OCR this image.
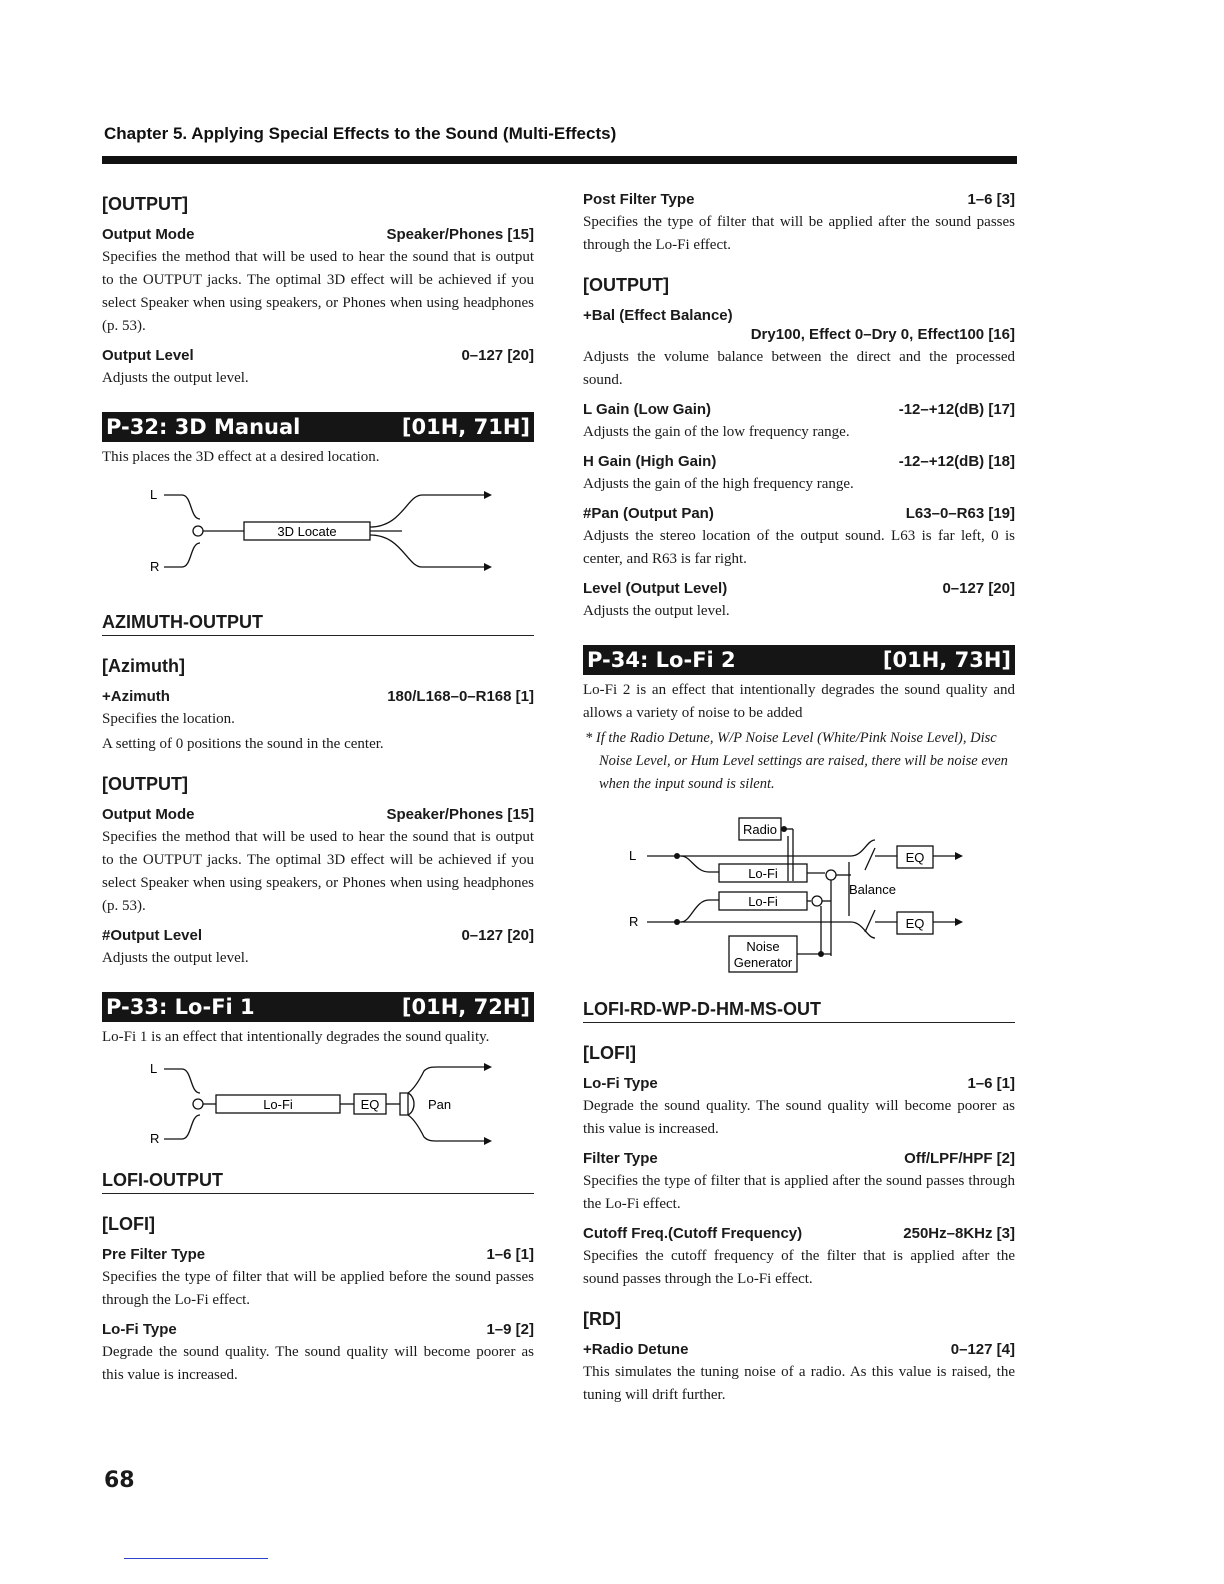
Chapter 5. Applying Special Effects to the Sound (Multi-Effects)
[OUTPUT]
Output Mode	Speaker/Phones [15]
Specifies the method that will be used to hear the sound that is output to the OUTPUT jacks. The optimal 3D effect will be achieved if you select Speaker when using speakers, or Phones when using headphones (p. 53).
Output Level	0–127 [20]
Adjusts the output level.
P-32: 3D Manual	[01H, 71H]
This places the 3D effect at a desired location.
L
R
3D Locate
AZIMUTH-OUTPUT
[Azimuth]
+Azimuth	180/L168–0–R168 [1]
Specifies the location.
A setting of 0 positions the sound in the center.
[OUTPUT]
Output Mode	Speaker/Phones [15]
Specifies the method that will be used to hear the sound that is output to the OUTPUT jacks. The optimal 3D effect will be achieved if you select Speaker when using speakers, or Phones when using headphones (p. 53).
#Output Level	0–127 [20]
Adjusts the output level.
P-33: Lo-Fi 1	[01H, 72H]
Lo-Fi 1 is an effect that intentionally degrades the sound quality.
L
R
Lo-Fi	EQ	Pan
LOFI-OUTPUT
[LOFI]
Pre Filter Type	1–6 [1]
Specifies the type of filter that will be applied before the sound passes through the Lo-Fi effect.
Lo-Fi Type	1–9 [2]
Degrade the sound quality. The sound quality will become poorer as this value is increased.
Post Filter Type	1–6 [3]
Specifies the type of filter that will be applied after the sound passes through the Lo-Fi effect.
[OUTPUT]
+Bal (Effect Balance)
Dry100, Effect 0–Dry 0, Effect100 [16]
Adjusts the volume balance between the direct and the processed sound.
L Gain (Low Gain)	-12–+12(dB) [17]
Adjusts the gain of the low frequency range.
H Gain (High Gain)	-12–+12(dB) [18]
Adjusts the gain of the high frequency range.
#Pan (Output Pan)	L63–0–R63 [19]
Adjusts the stereo location of the output sound. L63 is far left, 0 is center, and R63 is far right.
Level (Output Level)	0–127 [20]
Adjusts the output level.
P-34: Lo-Fi 2	[01H, 73H]
Lo-Fi 2 is an effect that intentionally degrades the sound quality and allows a variety of noise to be added
* If the Radio Detune, W/P Noise Level (White/Pink Noise Level), Disc Noise Level, or Hum Level settings are raised, there will be noise even when the input sound is silent.
L
R
Radio
Lo-Fi
Lo-Fi
Noise
Generator
EQ
EQ
Balance
LOFI-RD-WP-D-HM-MS-OUT
[LOFI]
Lo-Fi Type	1–6 [1]
Degrade the sound quality. The sound quality will become poorer as this value is increased.
Filter Type	Off/LPF/HPF [2]
Specifies the type of filter that is applied after the sound passes through the Lo-Fi effect.
Cutoff Freq.(Cutoff Frequency)	250Hz–8KHz [3]
Specifies the cutoff frequency of the filter that is applied after the sound passes through the Lo-Fi effect.
[RD]
+Radio Detune	0–127 [4]
This simulates the tuning noise of a radio. As this value is raised, the tuning will drift further.
68
